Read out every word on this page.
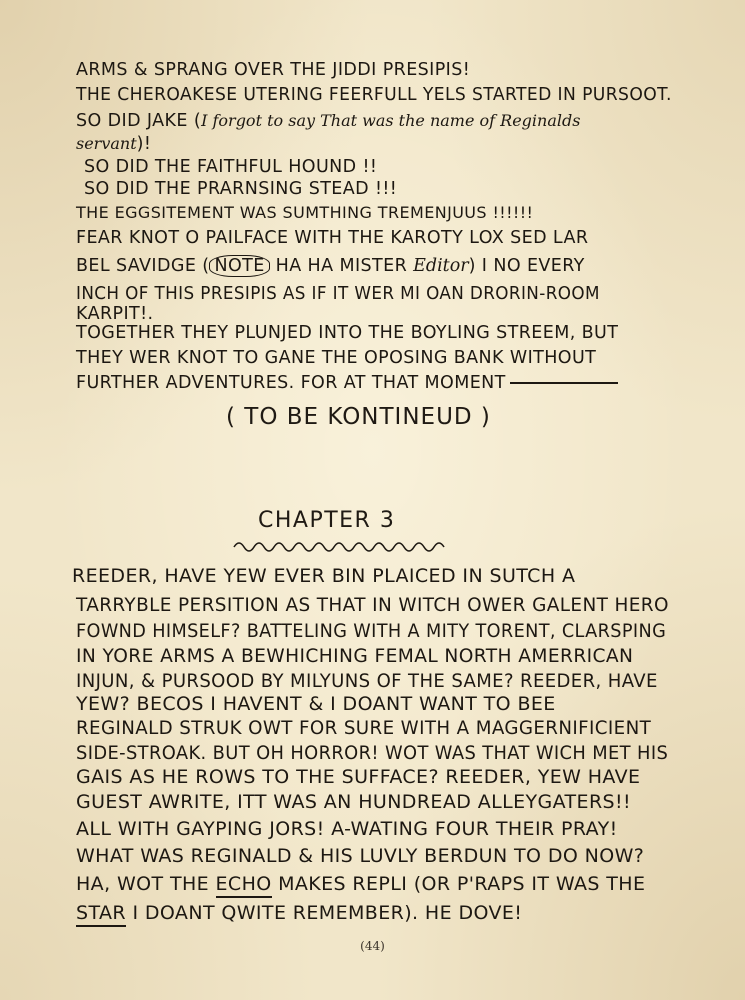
ARMS & SPRANG OVER THE JIDDI PRESIPIS!
THE CHEROAKESE UTERING FEERFULL YELS STARTED IN PURSOOT.
SO DID JAKE (I forgot to say That was the name of Reginalds
servant)!
SO DID THE FAITHFUL HOUND !!
SO DID THE PRARNSING STEAD !!!
THE EGGSITEMENT WAS SUMTHING TREMENJUUS !!!!!!
FEAR KNOT O PAILFACE WITH THE KAROTY LOX SED LAR
BEL SAVIDGE ( NOTE HA HA MISTER Editor) I NO EVERY
INCH OF THIS PRESIPIS AS IF IT WER MI OAN DRORIN-ROOM
KARPIT!.
TOGETHER THEY PLUNJED INTO THE BOYLING STREEM, BUT
THEY WER KNOT TO GANE THE OPOSING BANK WITHOUT
FURTHER ADVENTURES. FOR AT THAT MOMENT
( TO BE KONTINEUD )
CHAPTER 3
REEDER, HAVE YEW EVER BIN PLAICED IN SUTCH A
TARRYBLE PERSITION AS THAT IN WITCH OWER GALENT HERO
FOWND HIMSELF? BATTELING WITH A MITY TORENT, CLARSPING
IN YORE ARMS A BEWHICHING FEMAL NORTH AMERRICAN
INJUN, & PURSOOD BY MILYUNS OF THE SAME? REEDER, HAVE
YEW? BECOS I HAVENT & I DOANT WANT TO BEE
REGINALD STRUK OWT FOR SURE WITH A MAGGERNIFICIENT
SIDE-STROAK. BUT OH HORROR! WOT WAS THAT WICH MET HIS
GAIS AS HE ROWS TO THE SUFFACE? REEDER, YEW HAVE
GUEST AWRITE, ITT WAS AN HUNDREAD ALLEYGATERS!!
ALL WITH GAYPING JORS! A-WATING FOUR THEIR PRAY!
WHAT WAS REGINALD & HIS LUVLY BERDUN TO DO NOW?
HA, WOT THE ECHO MAKES REPLI (OR P'RAPS IT WAS THE
STAR I DOANT QWITE REMEMBER). HE DOVE!
(44)
